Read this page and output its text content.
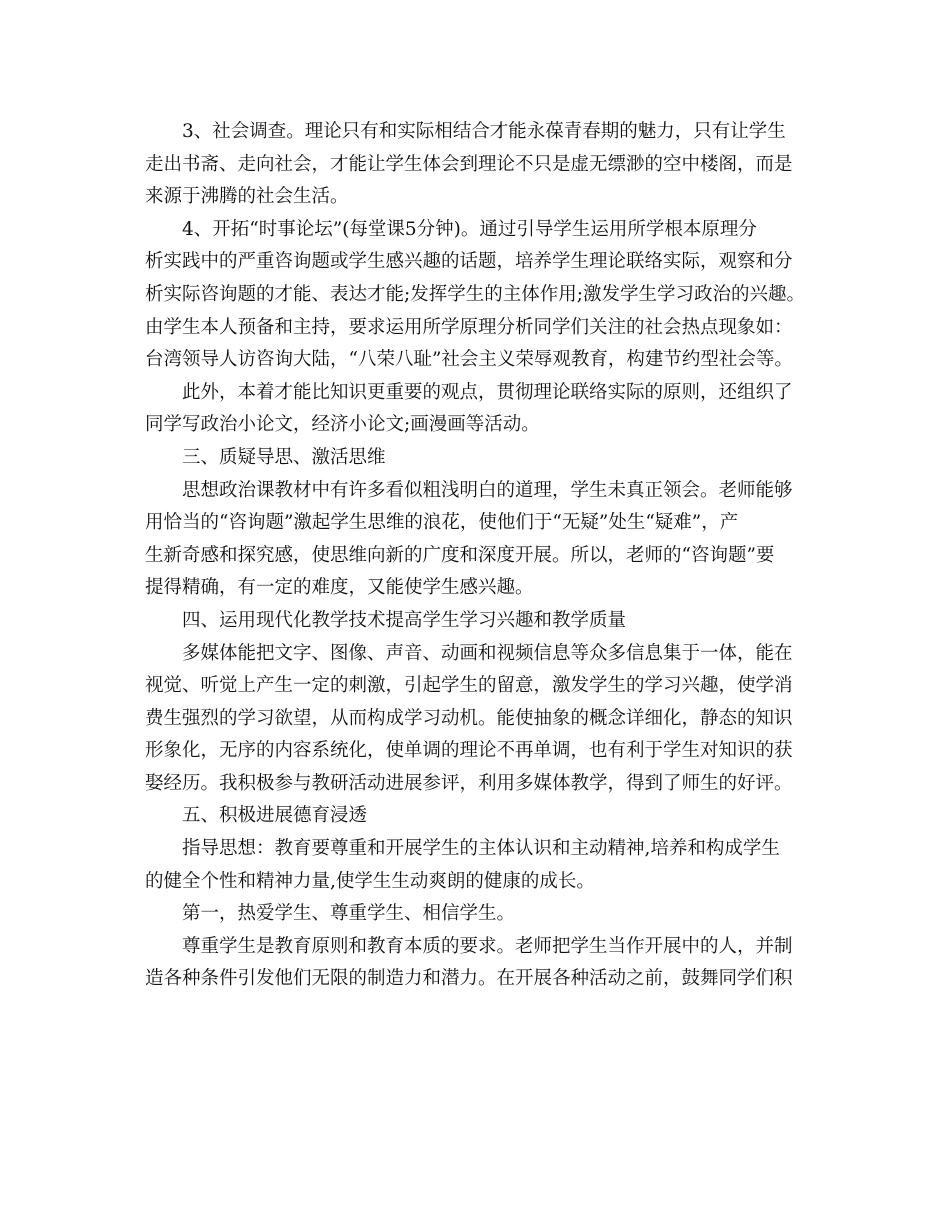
3、社会调查。理论只有和实际相结合才能永葆青春期的魅力，只有让学生
走出书斋、走向社会，才能让学生体会到理论不只是虚无缥渺的空中楼阁，而是
来源于沸腾的社会生活。
4、开拓“时事论坛”(每堂课5分钟)。通过引导学生运用所学根本原理分
析实践中的严重咨询题或学生感兴趣的话题，培养学生理论联络实际，观察和分
析实际咨询题的才能、表达才能;发挥学生的主体作用;激发学生学习政治的兴趣。
由学生本人预备和主持，要求运用所学原理分析同学们关注的社会热点现象如：
台湾领导人访咨询大陆，“八荣八耻”社会主义荣辱观教育，构建节约型社会等。
此外，本着才能比知识更重要的观点，贯彻理论联络实际的原则，还组织了
同学写政治小论文，经济小论文;画漫画等活动。
三、质疑导思、激活思维
思想政治课教材中有许多看似粗浅明白的道理，学生未真正领会。老师能够
用恰当的“咨询题”激起学生思维的浪花，使他们于“无疑”处生“疑难”，产
生新奇感和探究感，使思维向新的广度和深度开展。所以，老师的“咨询题”要
提得精确，有一定的难度，又能使学生感兴趣。
四、运用现代化教学技术提高学生学习兴趣和教学质量
多媒体能把文字、图像、声音、动画和视频信息等众多信息集于一体，能在
视觉、听觉上产生一定的刺激，引起学生的留意，激发学生的学习兴趣，使学消
费生强烈的学习欲望，从而构成学习动机。能使抽象的概念详细化，静态的知识
形象化，无序的内容系统化，使单调的理论不再单调，也有利于学生对知识的获
娶经历。我积极参与教研活动进展参评，利用多媒体教学，得到了师生的好评。
五、积极进展德育浸透
指导思想：教育要尊重和开展学生的主体认识和主动精神,培养和构成学生
的健全个性和精神力量,使学生生动爽朗的健康的成长。
第一，热爱学生、尊重学生、相信学生。
尊重学生是教育原则和教育本质的要求。老师把学生当作开展中的人，并制
造各种条件引发他们无限的制造力和潜力。在开展各种活动之前，鼓舞同学们积
